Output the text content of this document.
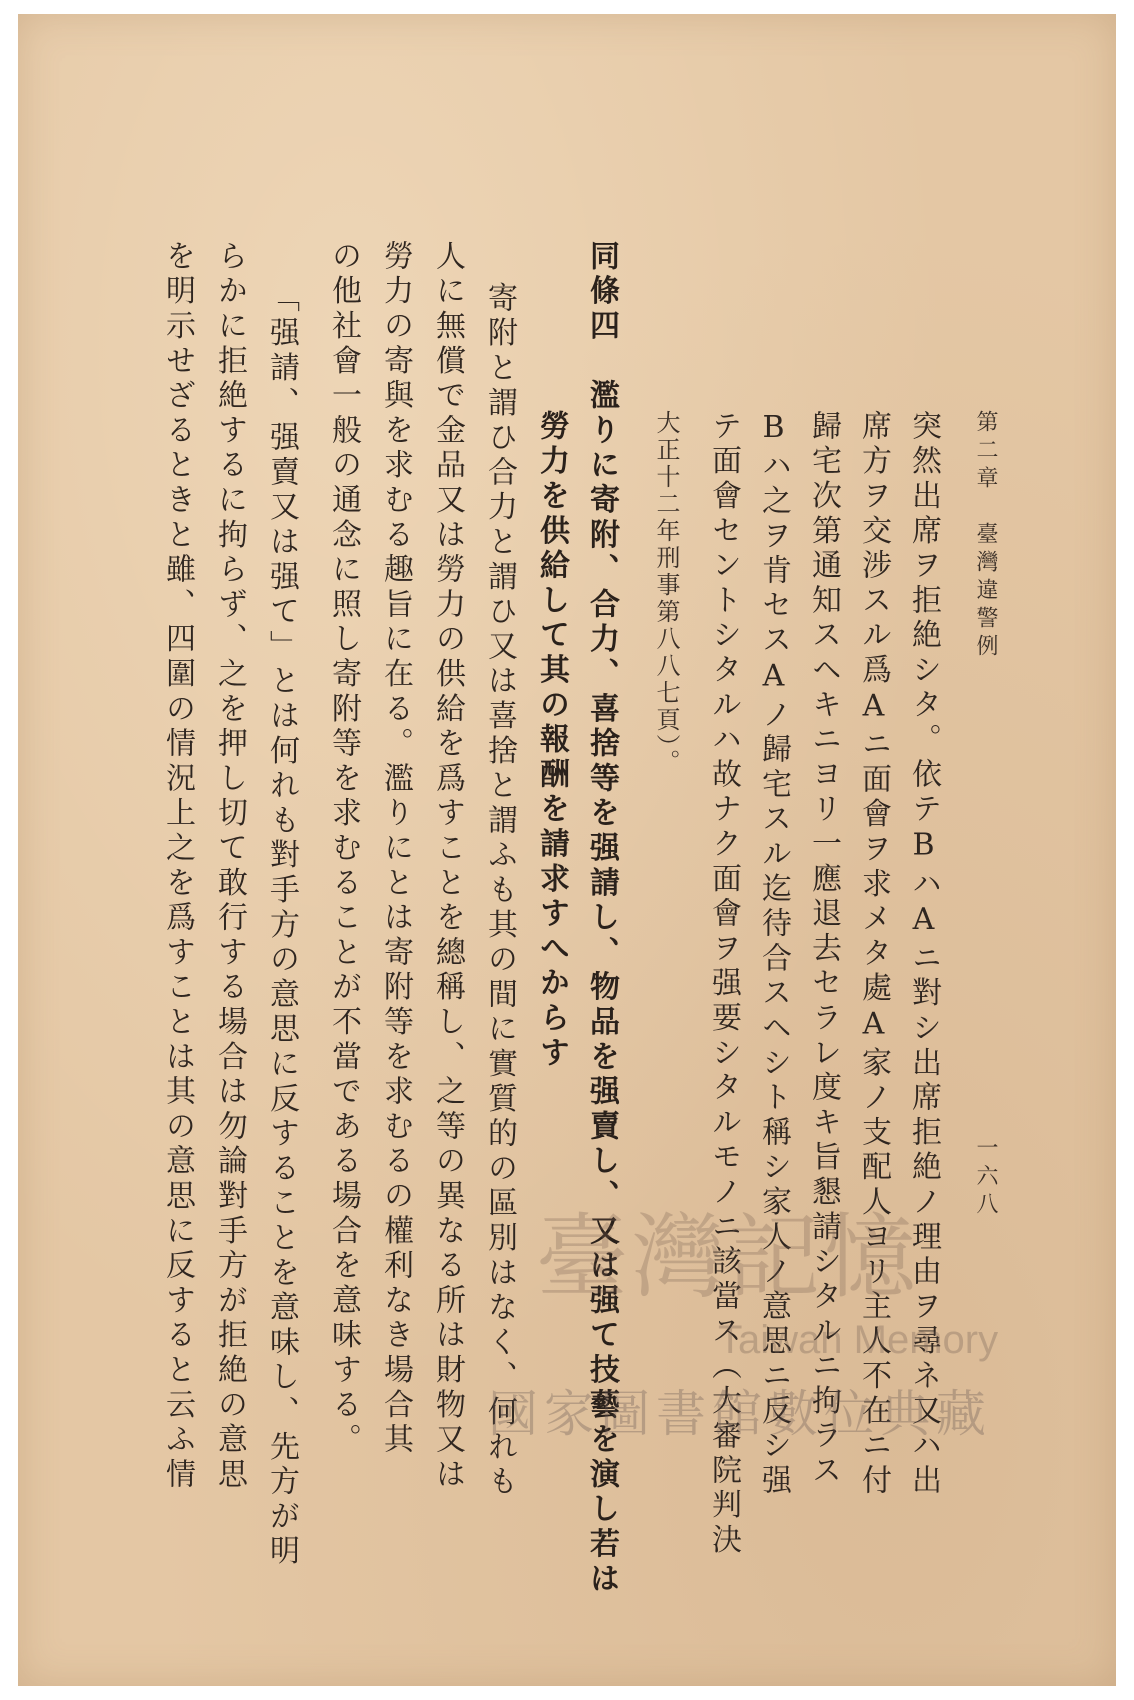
第二章　臺灣違警例
一六八
突然出席ヲ拒絶シタ。依テBハAニ對シ出席拒絶ノ理由ヲ尋ネ又ハ出
席方ヲ交涉スル爲Aニ面會ヲ求メタ處A家ノ支配人ヨリ主人不在ニ付
歸宅次第通知スヘキニヨリ一應退去セラレ度キ旨懇請シタルニ拘ラス
Bハ之ヲ肯セスAノ歸宅スル迄待合スヘシト稱シ家人ノ意思ニ反シ强
テ面會セントシタルハ故ナク面會ヲ强要シタルモノニ該當ス（大審院判決
大正十二年刑事第八八七頁）。
同條四　濫りに寄附、合力、喜捨等を强請し、物品を强賣し、又は强て技藝を演し若は
勞力を供給して其の報酬を請求すへからす
寄附と謂ひ合力と謂ひ又は喜捨と謂ふも其の間に實質的の區別はなく、何れも
人に無償で金品又は勞力の供給を爲すことを總稱し、之等の異なる所は財物又は
勞力の寄與を求むる趣旨に在る。濫りにとは寄附等を求むるの權利なき場合其
の他社會一般の通念に照し寄附等を求むることが不當である場合を意味する。
「强請、强賣又は强て」とは何れも對手方の意思に反することを意味し、先方が明
らかに拒絶するに拘らず、之を押し切て敢行する場合は勿論對手方が拒絶の意思
を明示せざるときと雖、四圍の情況上之を爲すことは其の意思に反すると云ふ情	臺灣記憶
Taiwan Memory
國家圖書館數位典藏
